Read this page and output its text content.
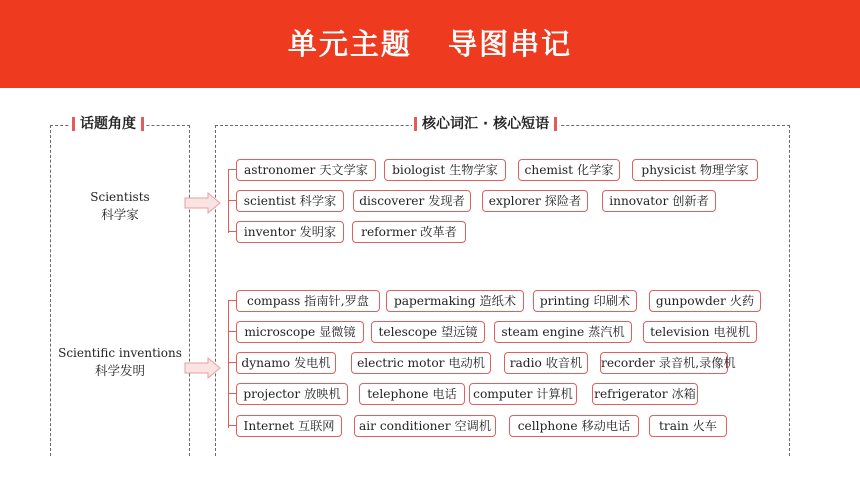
单元主题   导图串记
话题角度	核心词汇 · 核心短语
Scientists
科学家
Scientific inventions
科学发明
astronomer 天文学家	biologist 生物学家	chemist 化学家	physicist 物理学家
scientist 科学家	discoverer 发现者	explorer 探险者	innovator 创新者
inventor 发明家	reformer 改革者
compass 指南针,罗盘	papermaking 造纸术	printing 印刷术	gunpowder 火药
microscope 显微镜	telescope 望远镜	steam engine 蒸汽机	television 电视机
dynamo 发电机	electric motor 电动机	radio 收音机	recorder 录音机,录像机
projector 放映机	telephone 电话	computer 计算机	refrigerator 冰箱
Internet 互联网	air conditioner 空调机	cellphone 移动电话	train 火车
